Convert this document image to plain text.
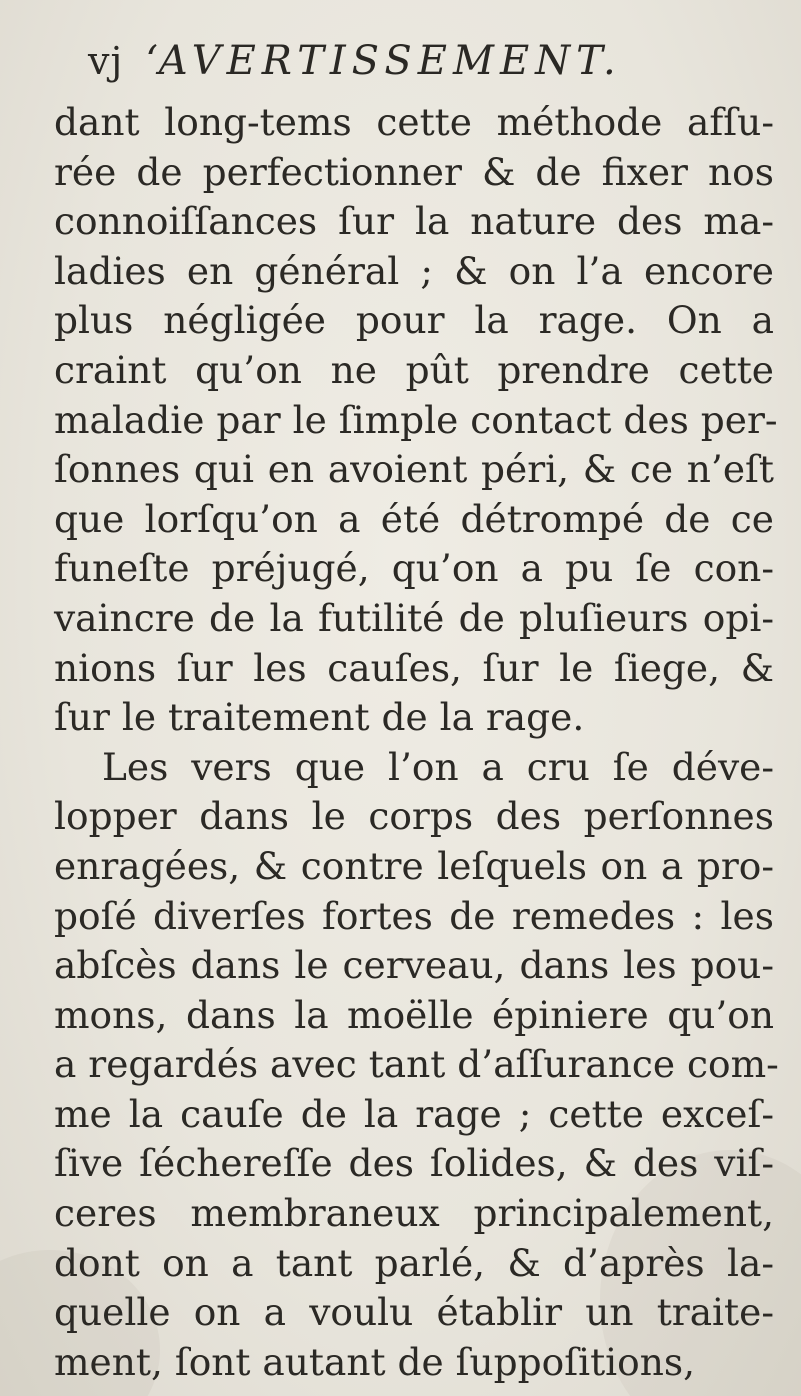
vj ‘AVERTISSEMENT.
dant long-tems cette méthode afſu-
rée de perfectionner & de fixer nos
connoiſſances ſur la nature des ma-
ladies en général ; & on l’a encore
plus négligée pour la rage. On a
craint qu’on ne pût prendre cette
maladie par le ſimple contact des per-
ſonnes qui en avoient péri, & ce n’eſt
que lorſqu’on a été détrompé de ce
funeſte préjugé, qu’on a pu ſe con-
vaincre de la futilité de pluſieurs opi-
nions ſur les cauſes, ſur le ſiege, &
ſur le traitement de la rage.
Les vers que l’on a cru ſe déve-
lopper dans le corps des perſonnes
enragées, & contre leſquels on a pro-
poſé diverſes fortes de remedes : les
abſcès dans le cerveau, dans les pou-
mons, dans la moëlle épiniere qu’on
a regardés avec tant d’aſſurance com-
me la cauſe de la rage ; cette exceſ-
ſive ſéchereſſe des ſolides, & des viſ-
ceres membraneux principalement,
dont on a tant parlé, & d’après la-
quelle on a voulu établir un traite-
ment, ſont autant de ſuppoſitions,
